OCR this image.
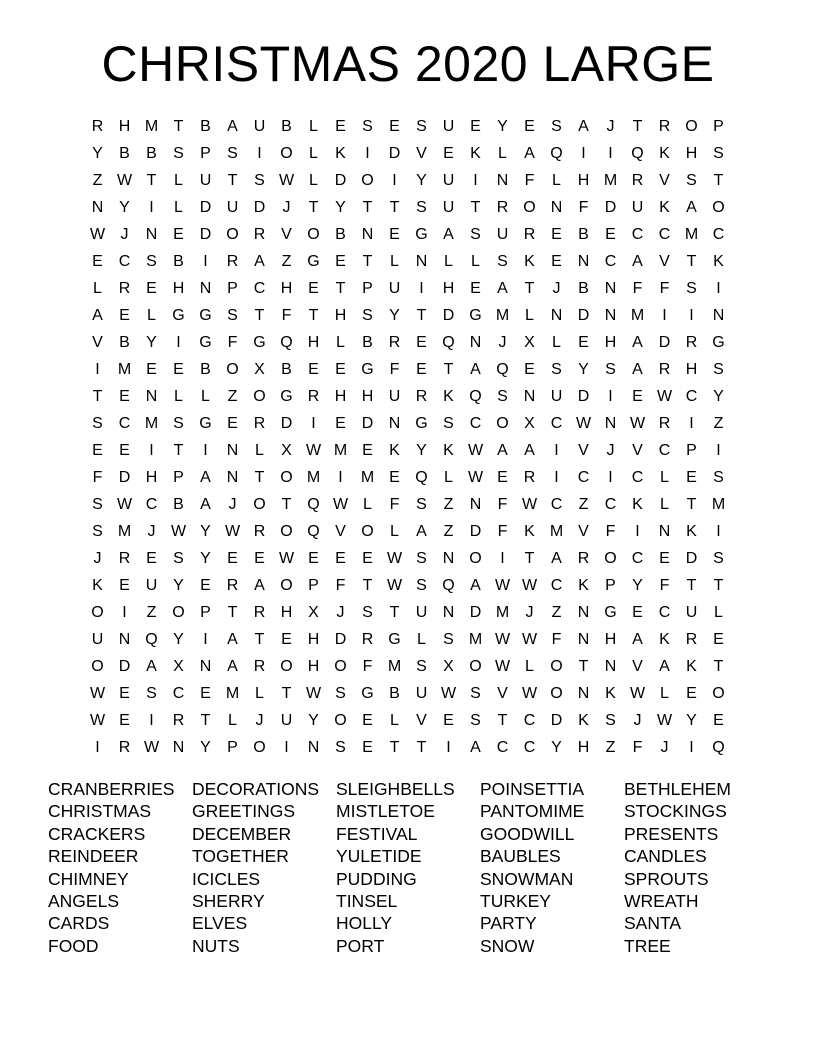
CHRISTMAS 2020 LARGE
R H M T	B	A U B	L	E	S	E	S U E	Y	E	S	A	J	T	R O P
Y	B	B	S	P	S	I	O	L	K	I	D V	E	K	L	A Q	I	I	Q K H S
Z W T	L	U	T	S W L	D O	I	Y U	I	N	F	L	H M R V	S	T
N Y	I	L	D U D	J	T	Y	T	T	S U	T	R O N	F	D U K	A O
W J	N E D O R V O B N E G A	S U R E	B	E C C M C
E C S	B	I	R A	Z G E	T	L	N	L	L	S	K	E N C A	V	T	K
L	R E H N P C H E	T	P U	I	H E	A	T	J	B N	F	F	S	I
A	E	L	G G S	T	F	T	H S	Y	T	D G M L	N D N M	I	I	N
V	B	Y	I	G F G Q H	L	B R E Q N	J	X	L	E H A D R G
I	M E	E	B O X	B	E	E G F	E	T	A Q E	S	Y	S	A R H S
T	E N	L	L	Z O G R H H U R K Q S N U D	I	E W C Y
S C M S G E R D	I	E D N G S C O X C W N W R	I	Z
E	E	I	T	I	N	L	X W M E	K	Y	K W A	A	I	V	J	V C P	I
F	D H P	A N	T O M	I	M E Q	L W E R	I	C	I	C	L	E	S
S W C B	A	J	O T Q W L	F	S	Z	N	F W C	Z	C K	L	T M
S M	J W Y W R O Q V O	L	A	Z	D	F	K M V	F	I	N K	I
J	R E	S	Y	E	E W E	E	E W S N O	I	T	A R O C E D S
K	E U Y	E R A O P	F	T W S Q A W W C K	P	Y	F	T	T
O	I	Z O P	T	R H X	J	S	T	U N D M	J	Z	N G E C U	L
U N Q Y	I	A	T	E H D R G	L	S M W W F	N H A	K R E
O D A	X N A R O H O F M S	X O W L	O T	N V	A	K	T
W E	S C E M L	T W S G B U W S	V W O N K W L	E O
W E	I	R	T	L	J	U Y O E	L	V	E	S	T	C D K	S	J W Y	E
I	R W N Y	P O	I	N S	E	T	T	I	A C C Y H	Z	F	J	I	Q
CRANBERRIES
CHRISTMAS
CRACKERS
REINDEER
CHIMNEY
ANGELS
CARDS
FOOD
DECORATIONS
GREETINGS
DECEMBER
TOGETHER
ICICLES
SHERRY
ELVES
NUTS
SLEIGHBELLS
MISTLETOE
FESTIVAL
YULETIDE
PUDDING
TINSEL
HOLLY
PORT
POINSETTIA
PANTOMIME
GOODWILL
BAUBLES
SNOWMAN
TURKEY
PARTY
SNOW
BETHLEHEM
STOCKINGS
PRESENTS
CANDLES
SPROUTS
WREATH
SANTA
TREE
